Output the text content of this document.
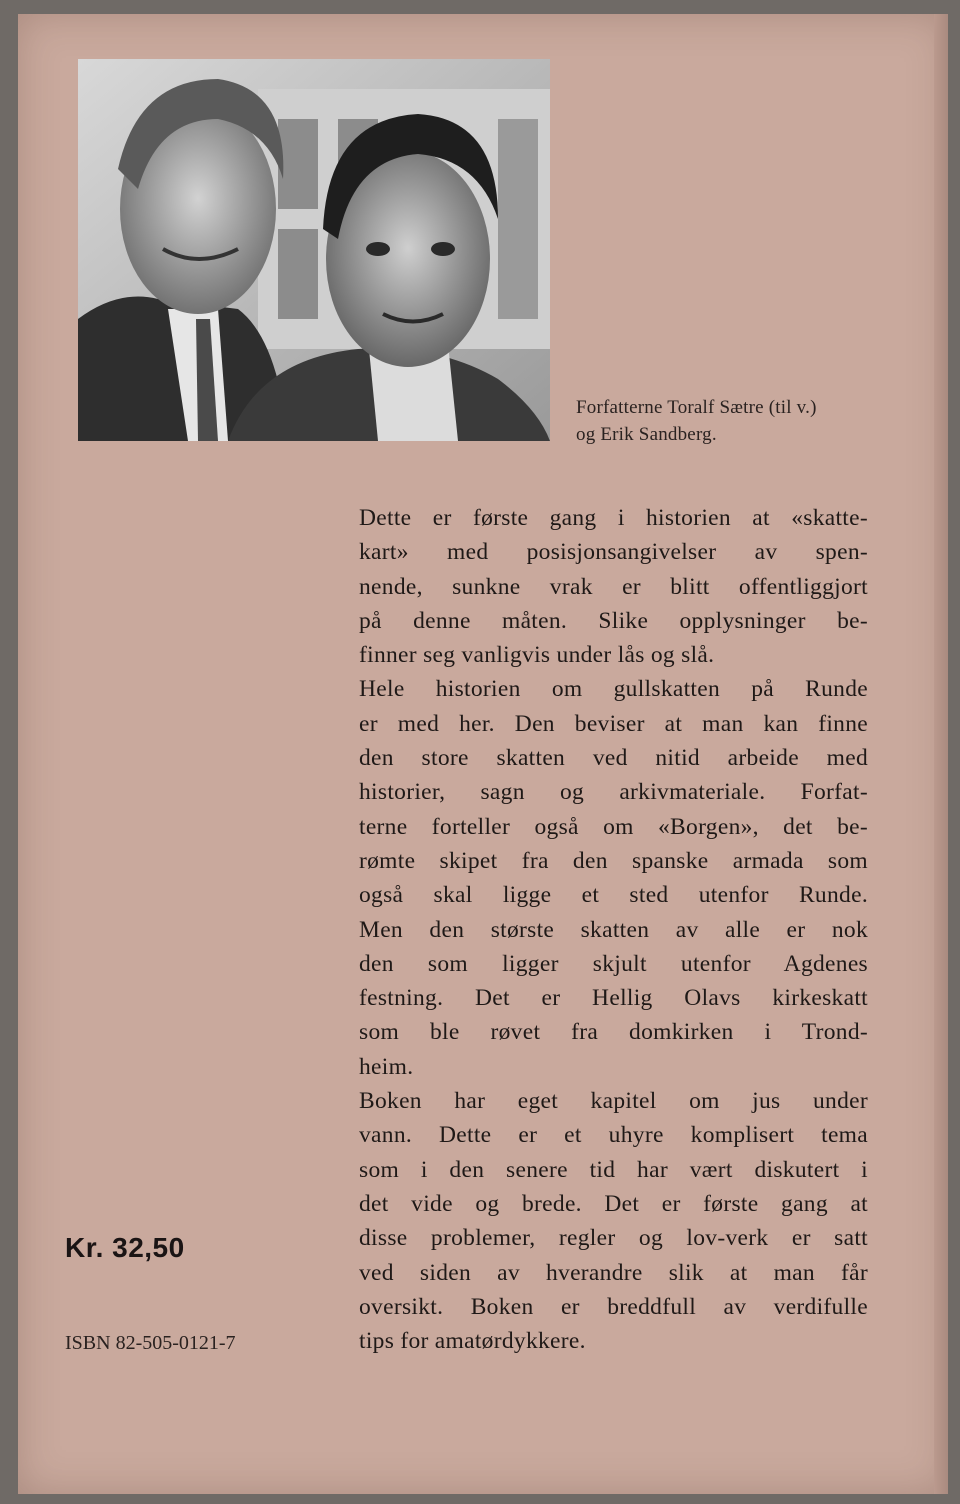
Forfatterne Toralf Sætre (til v.)
og Erik Sandberg.
Dette er første gang i historien at «skatte-
kart» med posisjonsangivelser av spen-
nende, sunkne vrak er blitt offentliggjort
på denne måten. Slike opplysninger be-
finner seg vanligvis under lås og slå.
Hele historien om gullskatten på Runde
er med her. Den beviser at man kan finne
den store skatten ved nitid arbeide med
historier, sagn og arkivmateriale. Forfat-
terne forteller også om «Borgen», det be-
rømte skipet fra den spanske armada som
også skal ligge et sted utenfor Runde.
Men den største skatten av alle er nok
den som ligger skjult utenfor Agdenes
festning. Det er Hellig Olavs kirkeskatt
som ble røvet fra domkirken i Trond-
heim.
Boken har eget kapitel om jus under
vann. Dette er et uhyre komplisert tema
som i den senere tid har vært diskutert i
det vide og brede. Det er første gang at
disse problemer, regler og lov-verk er satt
ved siden av hverandre slik at man får
oversikt. Boken er breddfull av verdifulle
tips for amatørdykkere.
Kr. 32,50
ISBN 82-505-0121-7
